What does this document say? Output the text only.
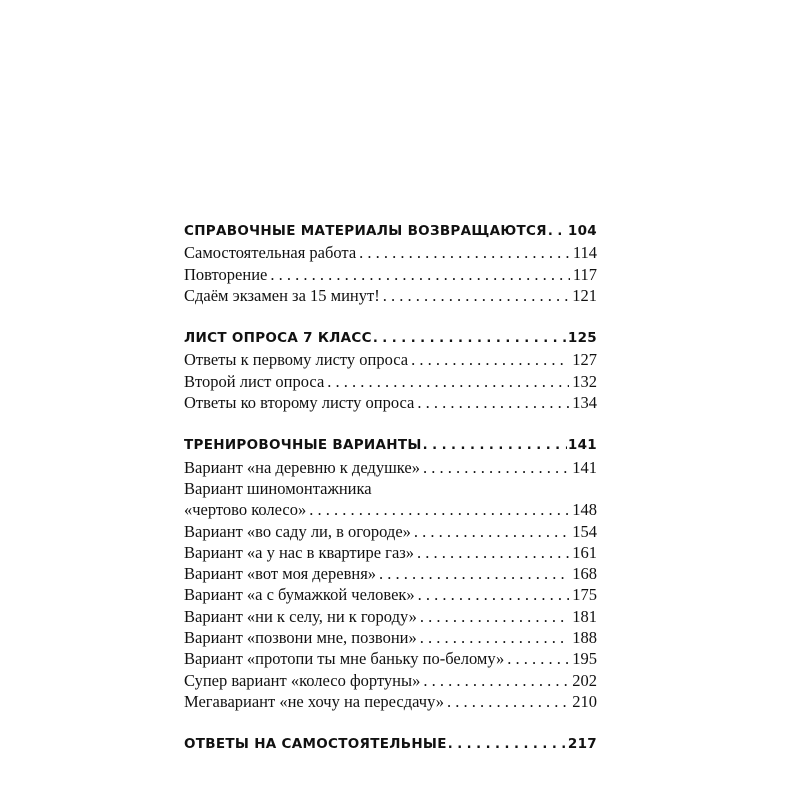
СПРАВОЧНЫЕ МАТЕРИАЛЫ ВОЗВРАЩАЮТСЯ . . . 104
Самостоятельная работа . . .	114
Повторение . . .	117
Сдаём экзамен за 15 минут! . . .	121
ЛИСТ ОПРОСА 7 КЛАСС . . .	125
Ответы к первому листу опроса . . .	127
Второй лист опроса . . .	132
Ответы ко второму листу опроса . . .	134
ТРЕНИРОВОЧНЫЕ ВАРИАНТЫ . . .	141
Вариант «на деревню к дедушке» . . .	141
Вариант шиномонтажника
«чертово колесо» . . .	148
Вариант «во саду ли, в огороде» . . .	154
Вариант «а у нас в квартире газ» . . .	161
Вариант «вот моя деревня» . . .	168
Вариант «а с бумажкой человек» . . .	175
Вариант «ни к селу, ни к городу» . . .	181
Вариант «позвони мне, позвони» . . .	188
Вариант «протопи ты мне баньку по-белому» . . .	195
Супер вариант «колесо фортуны» . . .	202
Мегавариант «не хочу на пересдачу» . . .	210
ОТВЕТЫ НА САМОСТОЯТЕЛЬНЫЕ . . .	217
